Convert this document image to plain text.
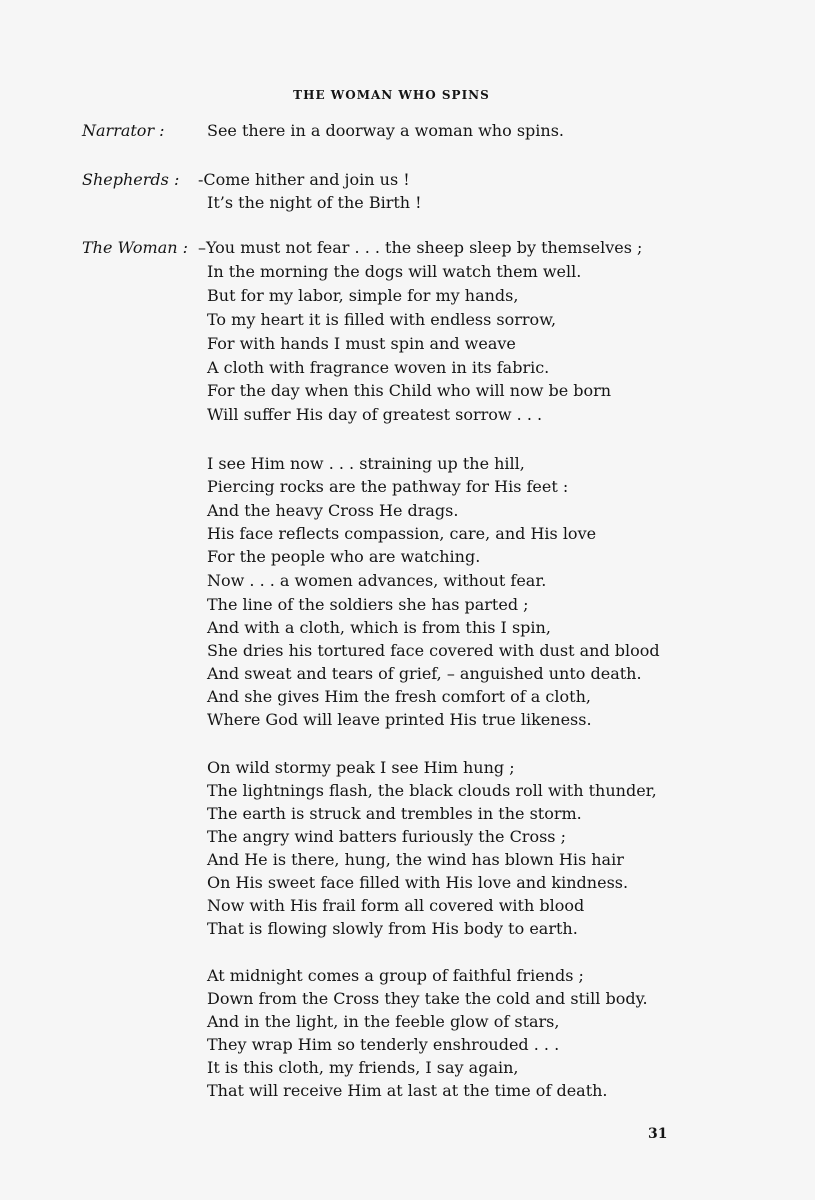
THE WOMAN WHO SPINS
Narrator :	See there in a doorway a woman who spins.
Shepherds : -Come hither and join us !
It’s the night of the Birth !
The Woman : –You must not fear . . . the sheep sleep by themselves ;
In the morning the dogs will watch them well.
But for my labor, simple for my hands,
To my heart it is filled with endless sorrow,
For with hands I must spin and weave
A cloth with fragrance woven in its fabric.
For the day when this Child who will now be born
Will suffer His day of greatest sorrow . . .
I see Him now . . . straining up the hill,
Piercing rocks are the pathway for His feet :
And the heavy Cross He drags.
His face reflects compassion, care, and His love
For the people who are watching.
Now . . . a women advances, without fear.
The line of the soldiers she has parted ;
And with a cloth, which is from this I spin,
She dries his tortured face covered with dust and blood
And sweat and tears of grief, – anguished unto death.
And she gives Him the fresh comfort of a cloth,
Where God will leave printed His true likeness.
On wild stormy peak I see Him hung ;
The lightnings flash, the black clouds roll with thunder,
The earth is struck and trembles in the storm.
The angry wind batters furiously the Cross ;
And He is there, hung, the wind has blown His hair
On His sweet face filled with His love and kindness.
Now with His frail form all covered with blood
That is flowing slowly from His body to earth.
At midnight comes a group of faithful friends ;
Down from the Cross they take the cold and still body.
And in the light, in the feeble glow of stars,
They wrap Him so tenderly enshrouded . . .
It is this cloth, my friends, I say again,
That will receive Him at last at the time of death.
31
